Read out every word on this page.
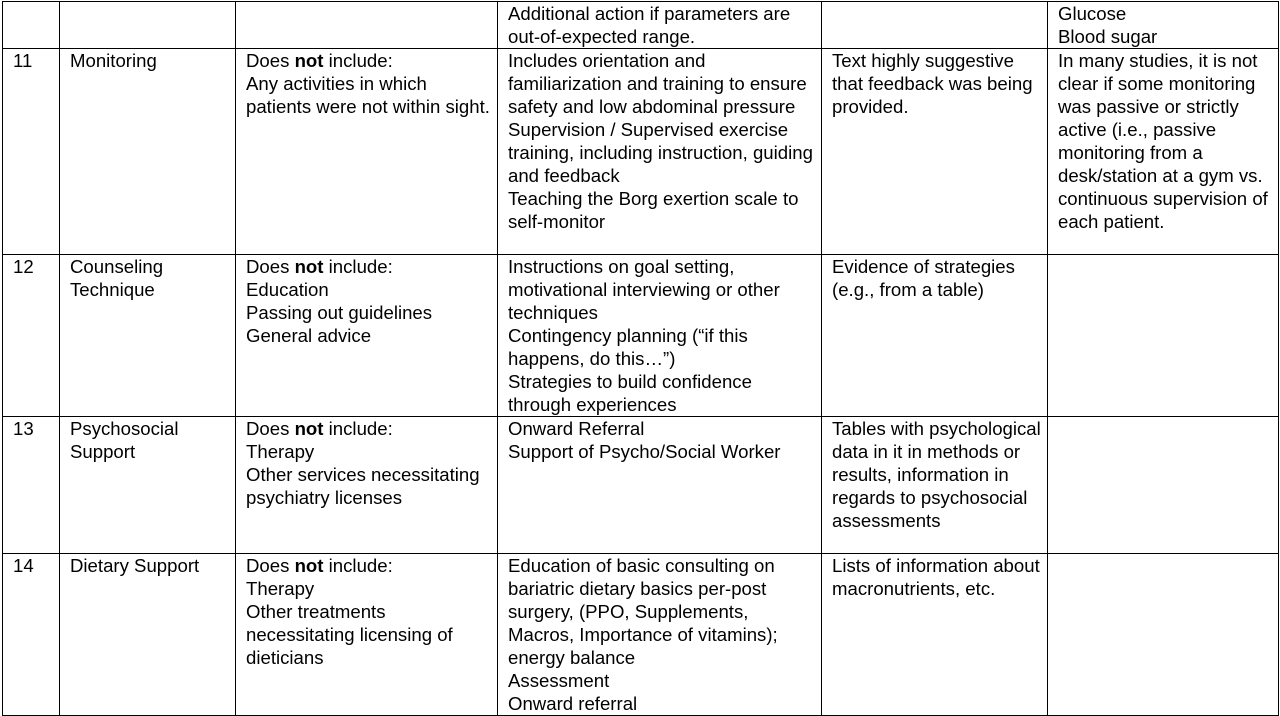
			Additional action if parameters are out-of-expected range.		Glucose
Blood sugar

11	Monitoring	Does not include:
Any activities in which patients were not within sight.	Includes orientation and familiarization and training to ensure safety and low abdominal pressure
Supervision / Supervised exercise training, including instruction, guiding and feedback
Teaching the Borg exertion scale to self-monitor	Text highly suggestive that feedback was being provided.	In many studies, it is not clear if some monitoring was passive or strictly active (i.e., passive monitoring from a desk/station at a gym vs. continuous supervision of each patient.

12	Counseling Technique	Does not include:
Education
Passing out guidelines
General advice	Instructions on goal setting, motivational interviewing or other techniques
Contingency planning (“if this happens, do this…”)
Strategies to build confidence through experiences	Evidence of strategies (e.g., from a table)	

13	Psychosocial Support	Does not include:
Therapy
Other services necessitating psychiatry licenses	Onward Referral
Support of Psycho/Social Worker	Tables with psychological data in it in methods or results, information in regards to psychosocial assessments	

14	Dietary Support	Does not include:
Therapy
Other treatments necessitating licensing of dieticians	Education of basic consulting on bariatric dietary basics per-post surgery, (PPO, Supplements, Macros, Importance of vitamins); energy balance
Assessment
Onward referral	Lists of information about macronutrients, etc.	
